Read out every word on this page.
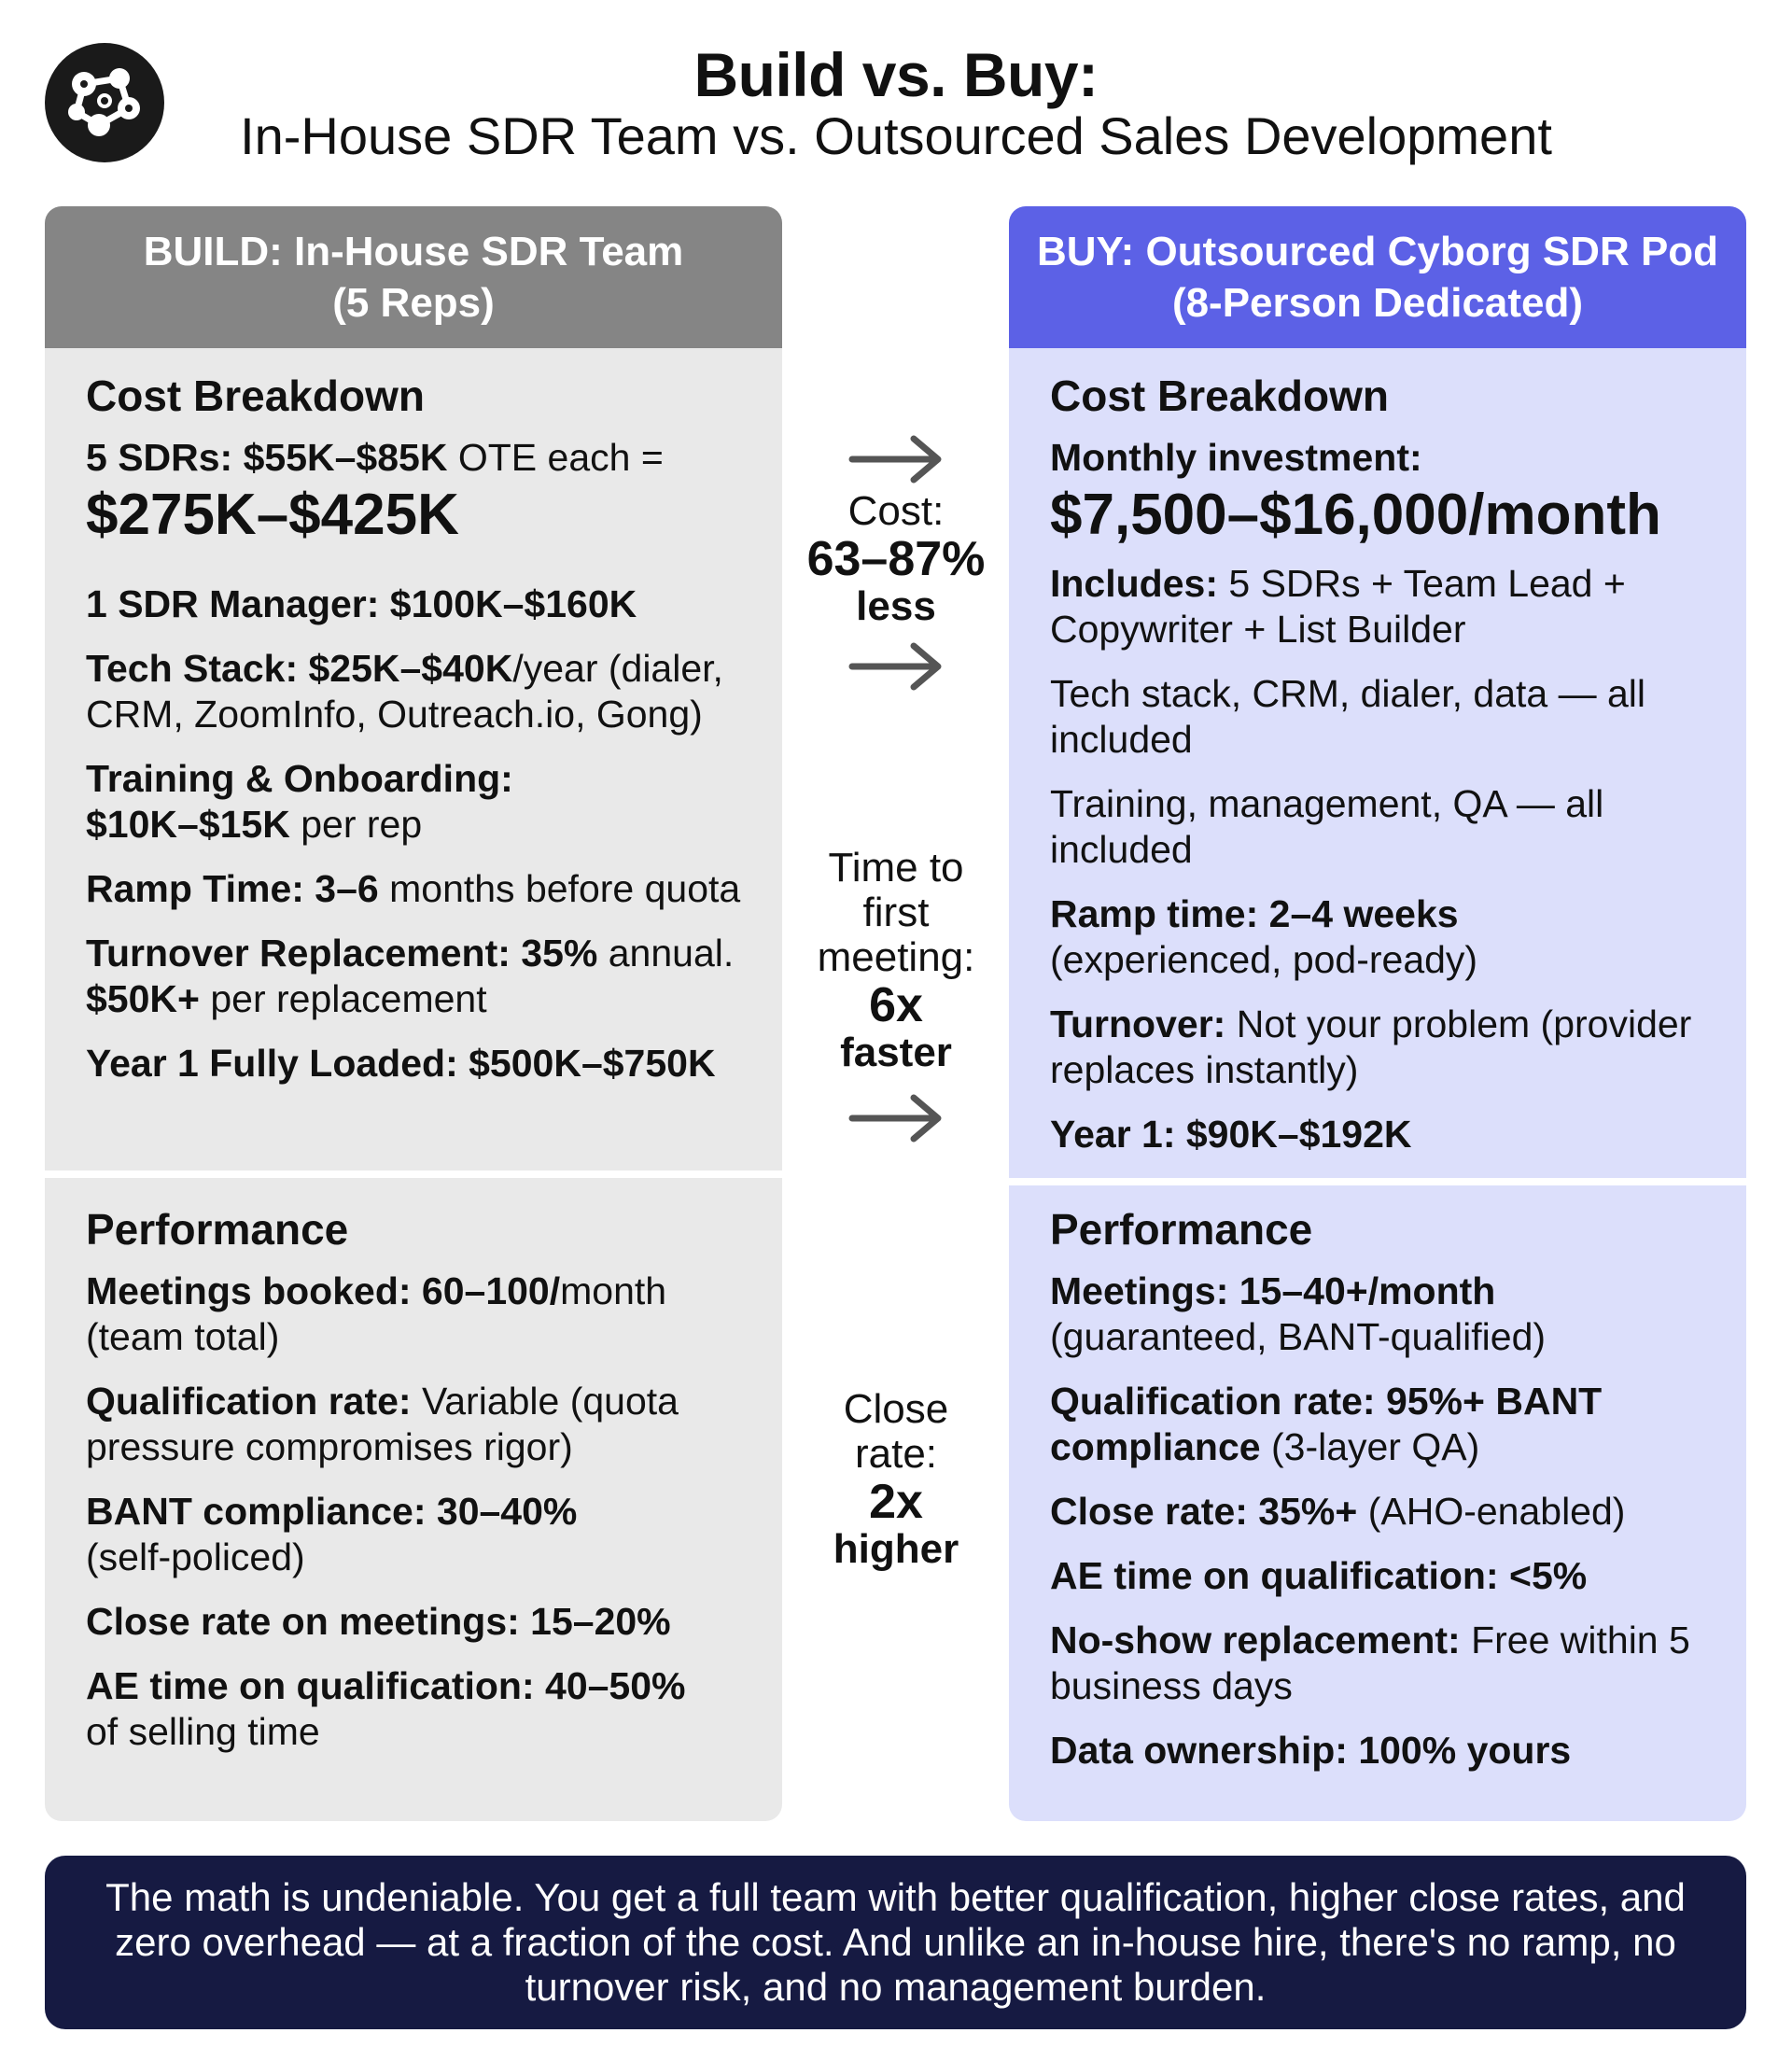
Build vs. Buy:
In-House SDR Team vs. Outsourced Sales Development
BUILD: In-House SDR Team
(5 Reps)
Cost Breakdown
5 SDRs: $55K–$85K OTE each =
$275K–$425K
1 SDR Manager: $100K–$160K
Tech Stack: $25K–$40K/year (dialer, CRM, ZoomInfo, Outreach.io, Gong)
Training & Onboarding:
$10K–$15K per rep
Ramp Time: 3–6 months before quota
Turnover Replacement: 35% annual.
$50K+ per replacement
Year 1 Fully Loaded: $500K–$750K
Performance
Meetings booked: 60–100/month (team total)
Qualification rate: Variable (quota pressure compromises rigor)
BANT compliance: 30–40%
(self-policed)
Close rate on meetings: 15–20%
AE time on qualification: 40–50%
of selling time
BUY: Outsourced Cyborg SDR Pod
(8-Person Dedicated)
Cost Breakdown
Monthly investment:
$7,500–$16,000/month
Includes: 5 SDRs + Team Lead + Copywriter + List Builder
Tech stack, CRM, dialer, data — all included
Training, management, QA — all included
Ramp time: 2–4 weeks
(experienced, pod-ready)
Turnover: Not your problem (provider replaces instantly)
Year 1: $90K–$192K
Performance
Meetings: 15–40+/month
(guaranteed, BANT-qualified)
Qualification rate: 95%+ BANT compliance (3-layer QA)
Close rate: 35%+ (AHO-enabled)
AE time on qualification: <5%
No-show replacement: Free within 5 business days
Data ownership: 100% yours
Cost:
63–87%
less
Time to
first
meeting:
6x
faster
Close
rate:
2x
higher
The math is undeniable. You get a full team with better qualification, higher close rates, and zero overhead — at a fraction of the cost. And unlike an in-house hire, there's no ramp, no turnover risk, and no management burden.
